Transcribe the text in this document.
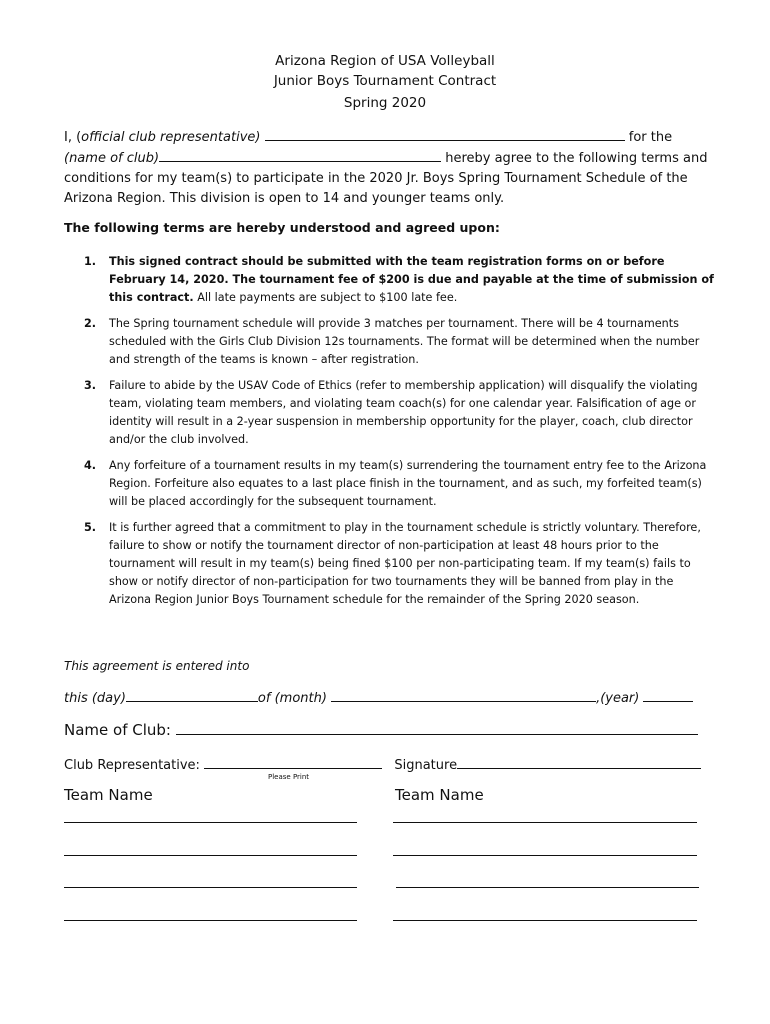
Arizona Region of USA Volleyball
Junior Boys Tournament Contract
Spring 2020
I, (official club representative)	for the
(name of club)	hereby agree to the following terms and
conditions for my team(s) to participate in the 2020 Jr. Boys Spring Tournament Schedule of the
Arizona Region. This division is open to 14 and younger teams only.
The following terms are hereby understood and agreed upon:
1. This signed contract should be submitted with the team registration forms on or before February 14, 2020. The tournament fee of $200 is due and payable at the time of submission of this contract. All late payments are subject to $100 late fee.
2. The Spring tournament schedule will provide 3 matches per tournament. There will be 4 tournaments scheduled with the Girls Club Division 12s tournaments. The format will be determined when the number and strength of the teams is known – after registration.
3. Failure to abide by the USAV Code of Ethics (refer to membership application) will disqualify the violating team, violating team members, and violating team coach(s) for one calendar year. Falsification of age or identity will result in a 2-year suspension in membership opportunity for the player, coach, club director and/or the club involved.
4. Any forfeiture of a tournament results in my team(s) surrendering the tournament entry fee to the Arizona Region. Forfeiture also equates to a last place finish in the tournament, and as such, my forfeited team(s) will be placed accordingly for the subsequent tournament.
5. It is further agreed that a commitment to play in the tournament schedule is strictly voluntary. Therefore, failure to show or notify the tournament director of non-participation at least 48 hours prior to the tournament will result in my team(s) being fined $100 per non-participating team. If my team(s) fails to show or notify director of non-participation for two tournaments they will be banned from play in the Arizona Region Junior Boys Tournament schedule for the remainder of the Spring 2020 season.
This agreement is entered into
this (day)	of (month)	,(year)
Name of Club:
Club Representative:	Signature
Please Print
Team Name	Team Name
